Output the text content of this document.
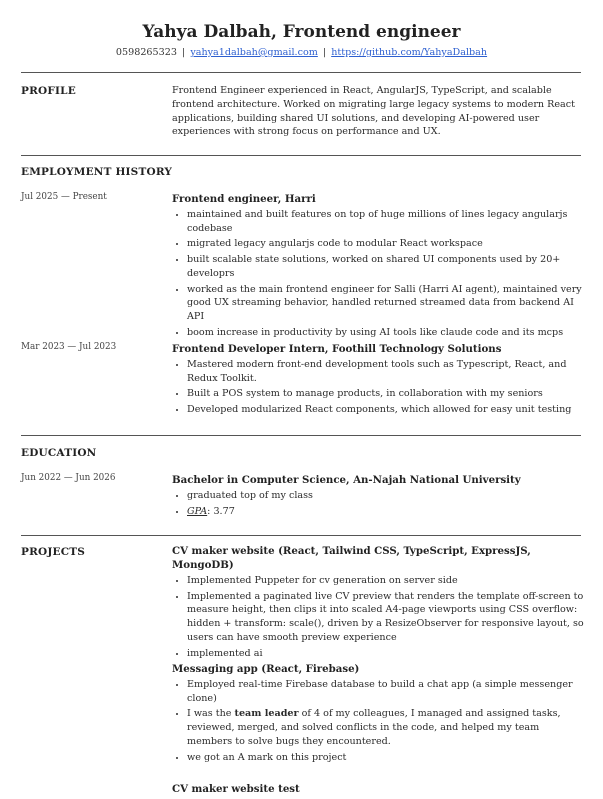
Yahya Dalbah, Frontend engineer
0598265323 | yahya1dalbah@gmail.com | https://github.com/YahyaDalbah
PROFILE	Frontend Engineer experienced in React, AngularJS, TypeScript, and scalable frontend architecture. Worked on migrating large legacy systems to modern React applications, building shared UI solutions, and developing AI-powered user experiences with strong focus on performance and UX.
EMPLOYMENT HISTORY
Jul 2025 — Present	Frontend engineer, Harri
• maintained and built features on top of huge millions of lines legacy angularjs codebase
• migrated legacy angularjs code to modular React workspace
• built scalable state solutions, worked on shared UI components used by 20+ developrs
• worked as the main frontend engineer for Salli (Harri AI agent), maintained very good UX streaming behavior, handled returned streamed data from backend AI API
• boom increase in productivity by using AI tools like claude code and its mcps
Mar 2023 — Jul 2023	Frontend Developer Intern, Foothill Technology Solutions
• Mastered modern front-end development tools such as Typescript, React, and Redux Toolkit.
• Built a POS system to manage products, in collaboration with my seniors
• Developed modularized React components, which allowed for easy unit testing
EDUCATION
Jun 2022 — Jun 2026	Bachelor in Computer Science, An-Najah National University
• graduated top of my class
• GPA: 3.77
PROJECTS	CV maker website (React, Tailwind CSS, TypeScript, ExpressJS, MongoDB)
• Implemented Puppeter for cv generation on server side
• Implemented a paginated live CV preview that renders the template off-screen to measure height, then clips it into scaled A4-page viewports using CSS overflow: hidden + transform: scale(), driven by a ResizeObserver for responsive layout, so users can have smooth preview experience
• implemented ai
Messaging app (React, Firebase)
• Employed real-time Firebase database to build a chat app (a simple messenger clone)
• I was the team leader of 4 of my colleagues, I managed and assigned tasks, reviewed, merged, and solved conflicts in the code, and helped my team members to solve bugs they encountered.
• we got an A mark on this project
CV maker website test
